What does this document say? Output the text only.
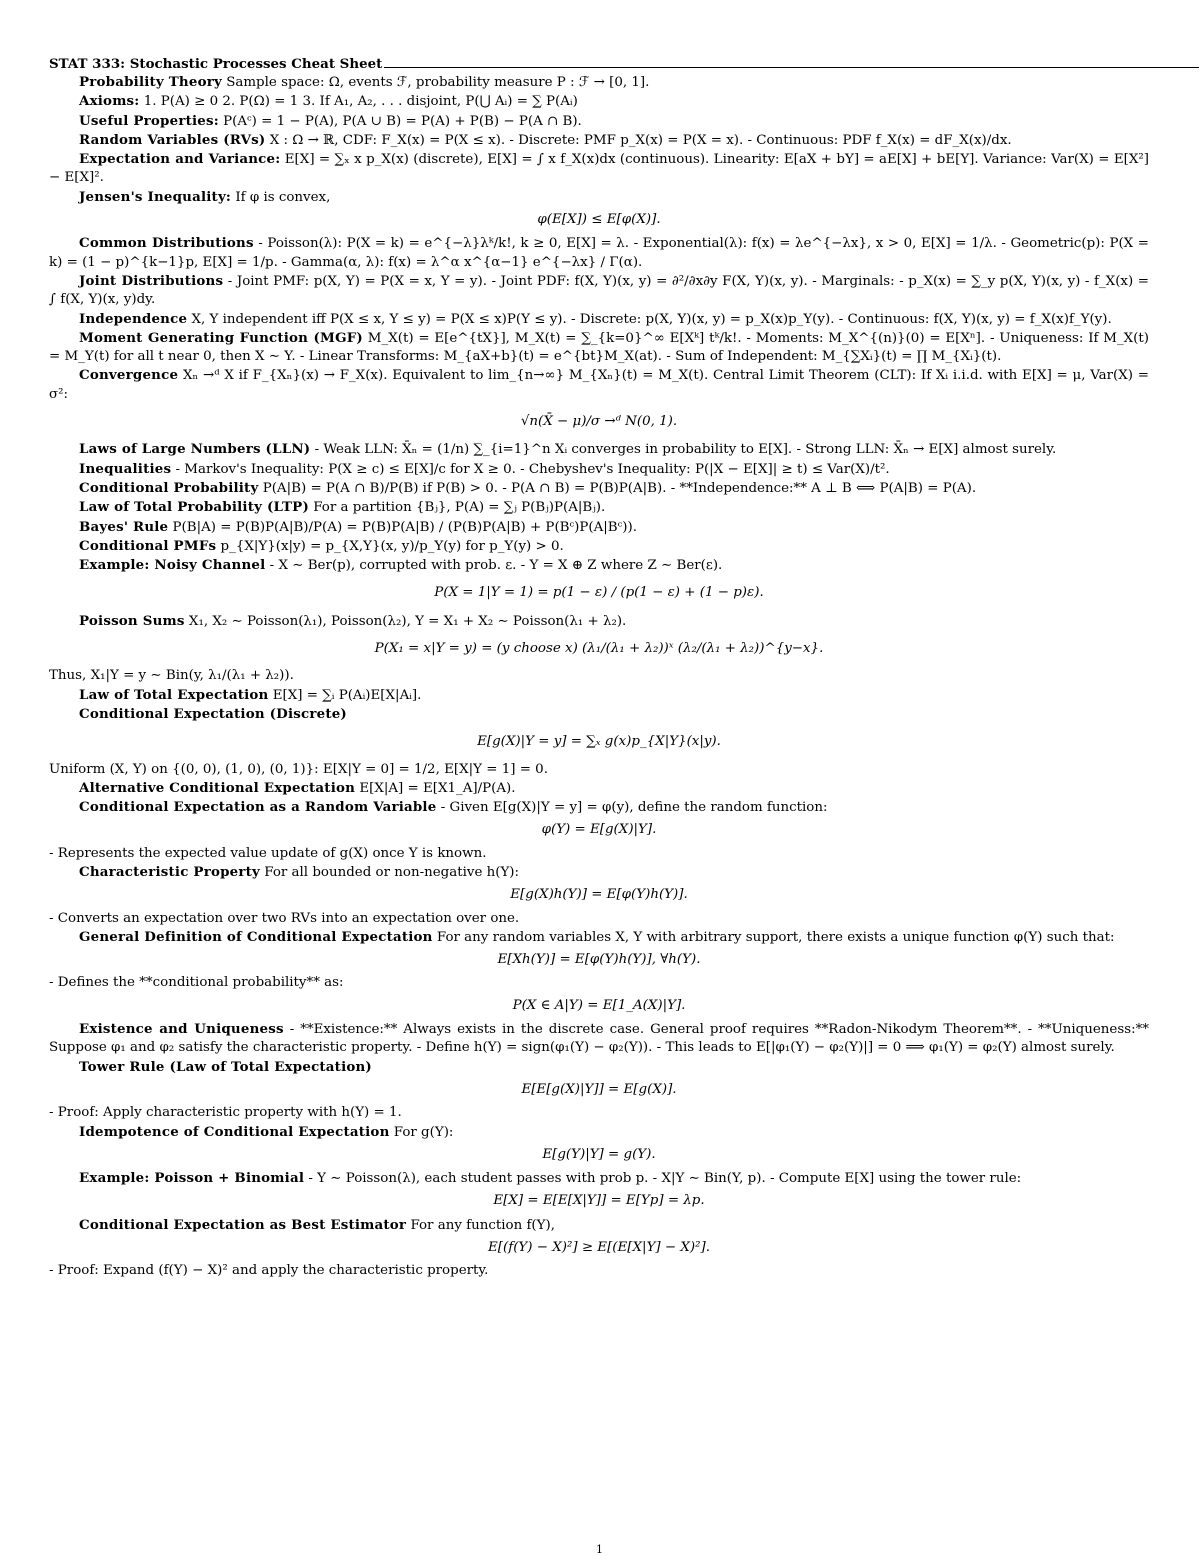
STAT 333: Stochastic Processes Cheat Sheet

Probability Theory Sample space: Ω, events ℱ, probability measure P : ℱ → [0, 1].

Axioms: 1. P(A) ≥ 0 2. P(Ω) = 1 3. If A₁, A₂, . . . disjoint, P(⋃ Aᵢ) = ∑ P(Aᵢ)

Useful Properties: P(Aᶜ) = 1 − P(A), P(A ∪ B) = P(A) + P(B) − P(A ∩ B).

Random Variables (RVs) X : Ω → ℝ, CDF: F_X(x) = P(X ≤ x). - Discrete: PMF p_X(x) = P(X = x). - Continuous: PDF f_X(x) = dF_X(x)/dx.

Expectation and Variance: E[X] = ∑ₓ x p_X(x) (discrete), E[X] = ∫ x f_X(x)dx (continuous). Linearity: E[aX + bY] = aE[X] + bE[Y]. Variance: Var(X) = E[X²] − E[X]².

Jensen's Inequality: If φ is convex,

φ(E[X]) ≤ E[φ(X)].

Common Distributions - Poisson(λ): P(X = k) = e^{−λ}λᵏ/k!, k ≥ 0, E[X] = λ. - Exponential(λ): f(x) = λe^{−λx}, x > 0, E[X] = 1/λ. - Geometric(p): P(X = k) = (1 − p)^{k−1}p, E[X] = 1/p. - Gamma(α, λ): f(x) = λ^α x^{α−1} e^{−λx} / Γ(α).

Joint Distributions - Joint PMF: p(X, Y) = P(X = x, Y = y). - Joint PDF: f(X, Y)(x, y) = ∂²/∂x∂y F(X, Y)(x, y). - Marginals: - p_X(x) = ∑_y p(X, Y)(x, y) - f_X(x) = ∫ f(X, Y)(x, y)dy.

Independence X, Y independent iff P(X ≤ x, Y ≤ y) = P(X ≤ x)P(Y ≤ y). - Discrete: p(X, Y)(x, y) = p_X(x)p_Y(y). - Continuous: f(X, Y)(x, y) = f_X(x)f_Y(y).

Moment Generating Function (MGF) M_X(t) = E[e^{tX}], M_X(t) = ∑_{k=0}^∞ E[Xᵏ] tᵏ/k!. - Moments: M_X^{(n)}(0) = E[Xⁿ]. - Uniqueness: If M_X(t) = M_Y(t) for all t near 0, then X ∼ Y. - Linear Transforms: M_{aX+b}(t) = e^{bt}M_X(at). - Sum of Independent: M_{∑Xᵢ}(t) = ∏ M_{Xᵢ}(t).

Convergence Xₙ →ᵈ X if F_{Xₙ}(x) → F_X(x). Equivalent to lim_{n→∞} M_{Xₙ}(t) = M_X(t). Central Limit Theorem (CLT): If Xᵢ i.i.d. with E[X] = μ, Var(X) = σ²:

√n(X̄ − μ)/σ →ᵈ N(0, 1).

Laws of Large Numbers (LLN) - Weak LLN: X̄ₙ = (1/n) ∑_{i=1}^n Xᵢ converges in probability to E[X]. - Strong LLN: X̄ₙ → E[X] almost surely.

Inequalities - Markov's Inequality: P(X ≥ c) ≤ E[X]/c for X ≥ 0. - Chebyshev's Inequality: P(|X − E[X]| ≥ t) ≤ Var(X)/t².

Conditional Probability P(A|B) = P(A ∩ B)/P(B) if P(B) > 0. - P(A ∩ B) = P(B)P(A|B). - **Independence:** A ⊥ B ⟺ P(A|B) = P(A).

Law of Total Probability (LTP) For a partition {Bⱼ}, P(A) = ∑ⱼ P(Bⱼ)P(A|Bⱼ).

Bayes' Rule P(B|A) = P(B)P(A|B)/P(A) = P(B)P(A|B) / (P(B)P(A|B) + P(Bᶜ)P(A|Bᶜ)).

Conditional PMFs p_{X|Y}(x|y) = p_{X,Y}(x, y)/p_Y(y) for p_Y(y) > 0.

Example: Noisy Channel - X ∼ Ber(p), corrupted with prob. ε. - Y = X ⊕ Z where Z ∼ Ber(ε).

P(X = 1|Y = 1) = p(1 − ε) / (p(1 − ε) + (1 − p)ε).

Poisson Sums X₁, X₂ ∼ Poisson(λ₁), Poisson(λ₂), Y = X₁ + X₂ ∼ Poisson(λ₁ + λ₂).

P(X₁ = x|Y = y) = (y choose x) (λ₁/(λ₁ + λ₂))ˣ (λ₂/(λ₁ + λ₂))^{y−x}.

Thus, X₁|Y = y ∼ Bin(y, λ₁/(λ₁ + λ₂)).

Law of Total Expectation E[X] = ∑ᵢ P(Aᵢ)E[X|Aᵢ].

Conditional Expectation (Discrete)

E[g(X)|Y = y] = ∑ₓ g(x)p_{X|Y}(x|y).

Uniform (X, Y) on {(0, 0), (1, 0), (0, 1)}: E[X|Y = 0] = 1/2, E[X|Y = 1] = 0.

Alternative Conditional Expectation E[X|A] = E[X1_A]/P(A).

Conditional Expectation as a Random Variable - Given E[g(X)|Y = y] = φ(y), define the random function:

φ(Y) = E[g(X)|Y].

- Represents the expected value update of g(X) once Y is known.

Characteristic Property For all bounded or non-negative h(Y):

E[g(X)h(Y)] = E[φ(Y)h(Y)].

- Converts an expectation over two RVs into an expectation over one.

General Definition of Conditional Expectation For any random variables X, Y with arbitrary support, there exists a unique function φ(Y) such that:

E[Xh(Y)] = E[φ(Y)h(Y)], ∀h(Y).

- Defines the **conditional probability** as:

P(X ∈ A|Y) = E[1_A(X)|Y].

Existence and Uniqueness - **Existence:** Always exists in the discrete case. General proof requires **Radon-Nikodym Theorem**. - **Uniqueness:** Suppose φ₁ and φ₂ satisfy the characteristic property. - Define h(Y) = sign(φ₁(Y) − φ₂(Y)). - This leads to E[|φ₁(Y) − φ₂(Y)|] = 0 ⟹ φ₁(Y) = φ₂(Y) almost surely.

Tower Rule (Law of Total Expectation)

E[E[g(X)|Y]] = E[g(X)].

- Proof: Apply characteristic property with h(Y) = 1.

Idempotence of Conditional Expectation For g(Y):

E[g(Y)|Y] = g(Y).

Example: Poisson + Binomial - Y ∼ Poisson(λ), each student passes with prob p. - X|Y ∼ Bin(Y, p). - Compute E[X] using the tower rule:

E[X] = E[E[X|Y]] = E[Yp] = λp.

Conditional Expectation as Best Estimator For any function f(Y),

E[(f(Y) − X)²] ≥ E[(E[X|Y] − X)²].

- Proof: Expand (f(Y) − X)² and apply the characteristic property.

1
